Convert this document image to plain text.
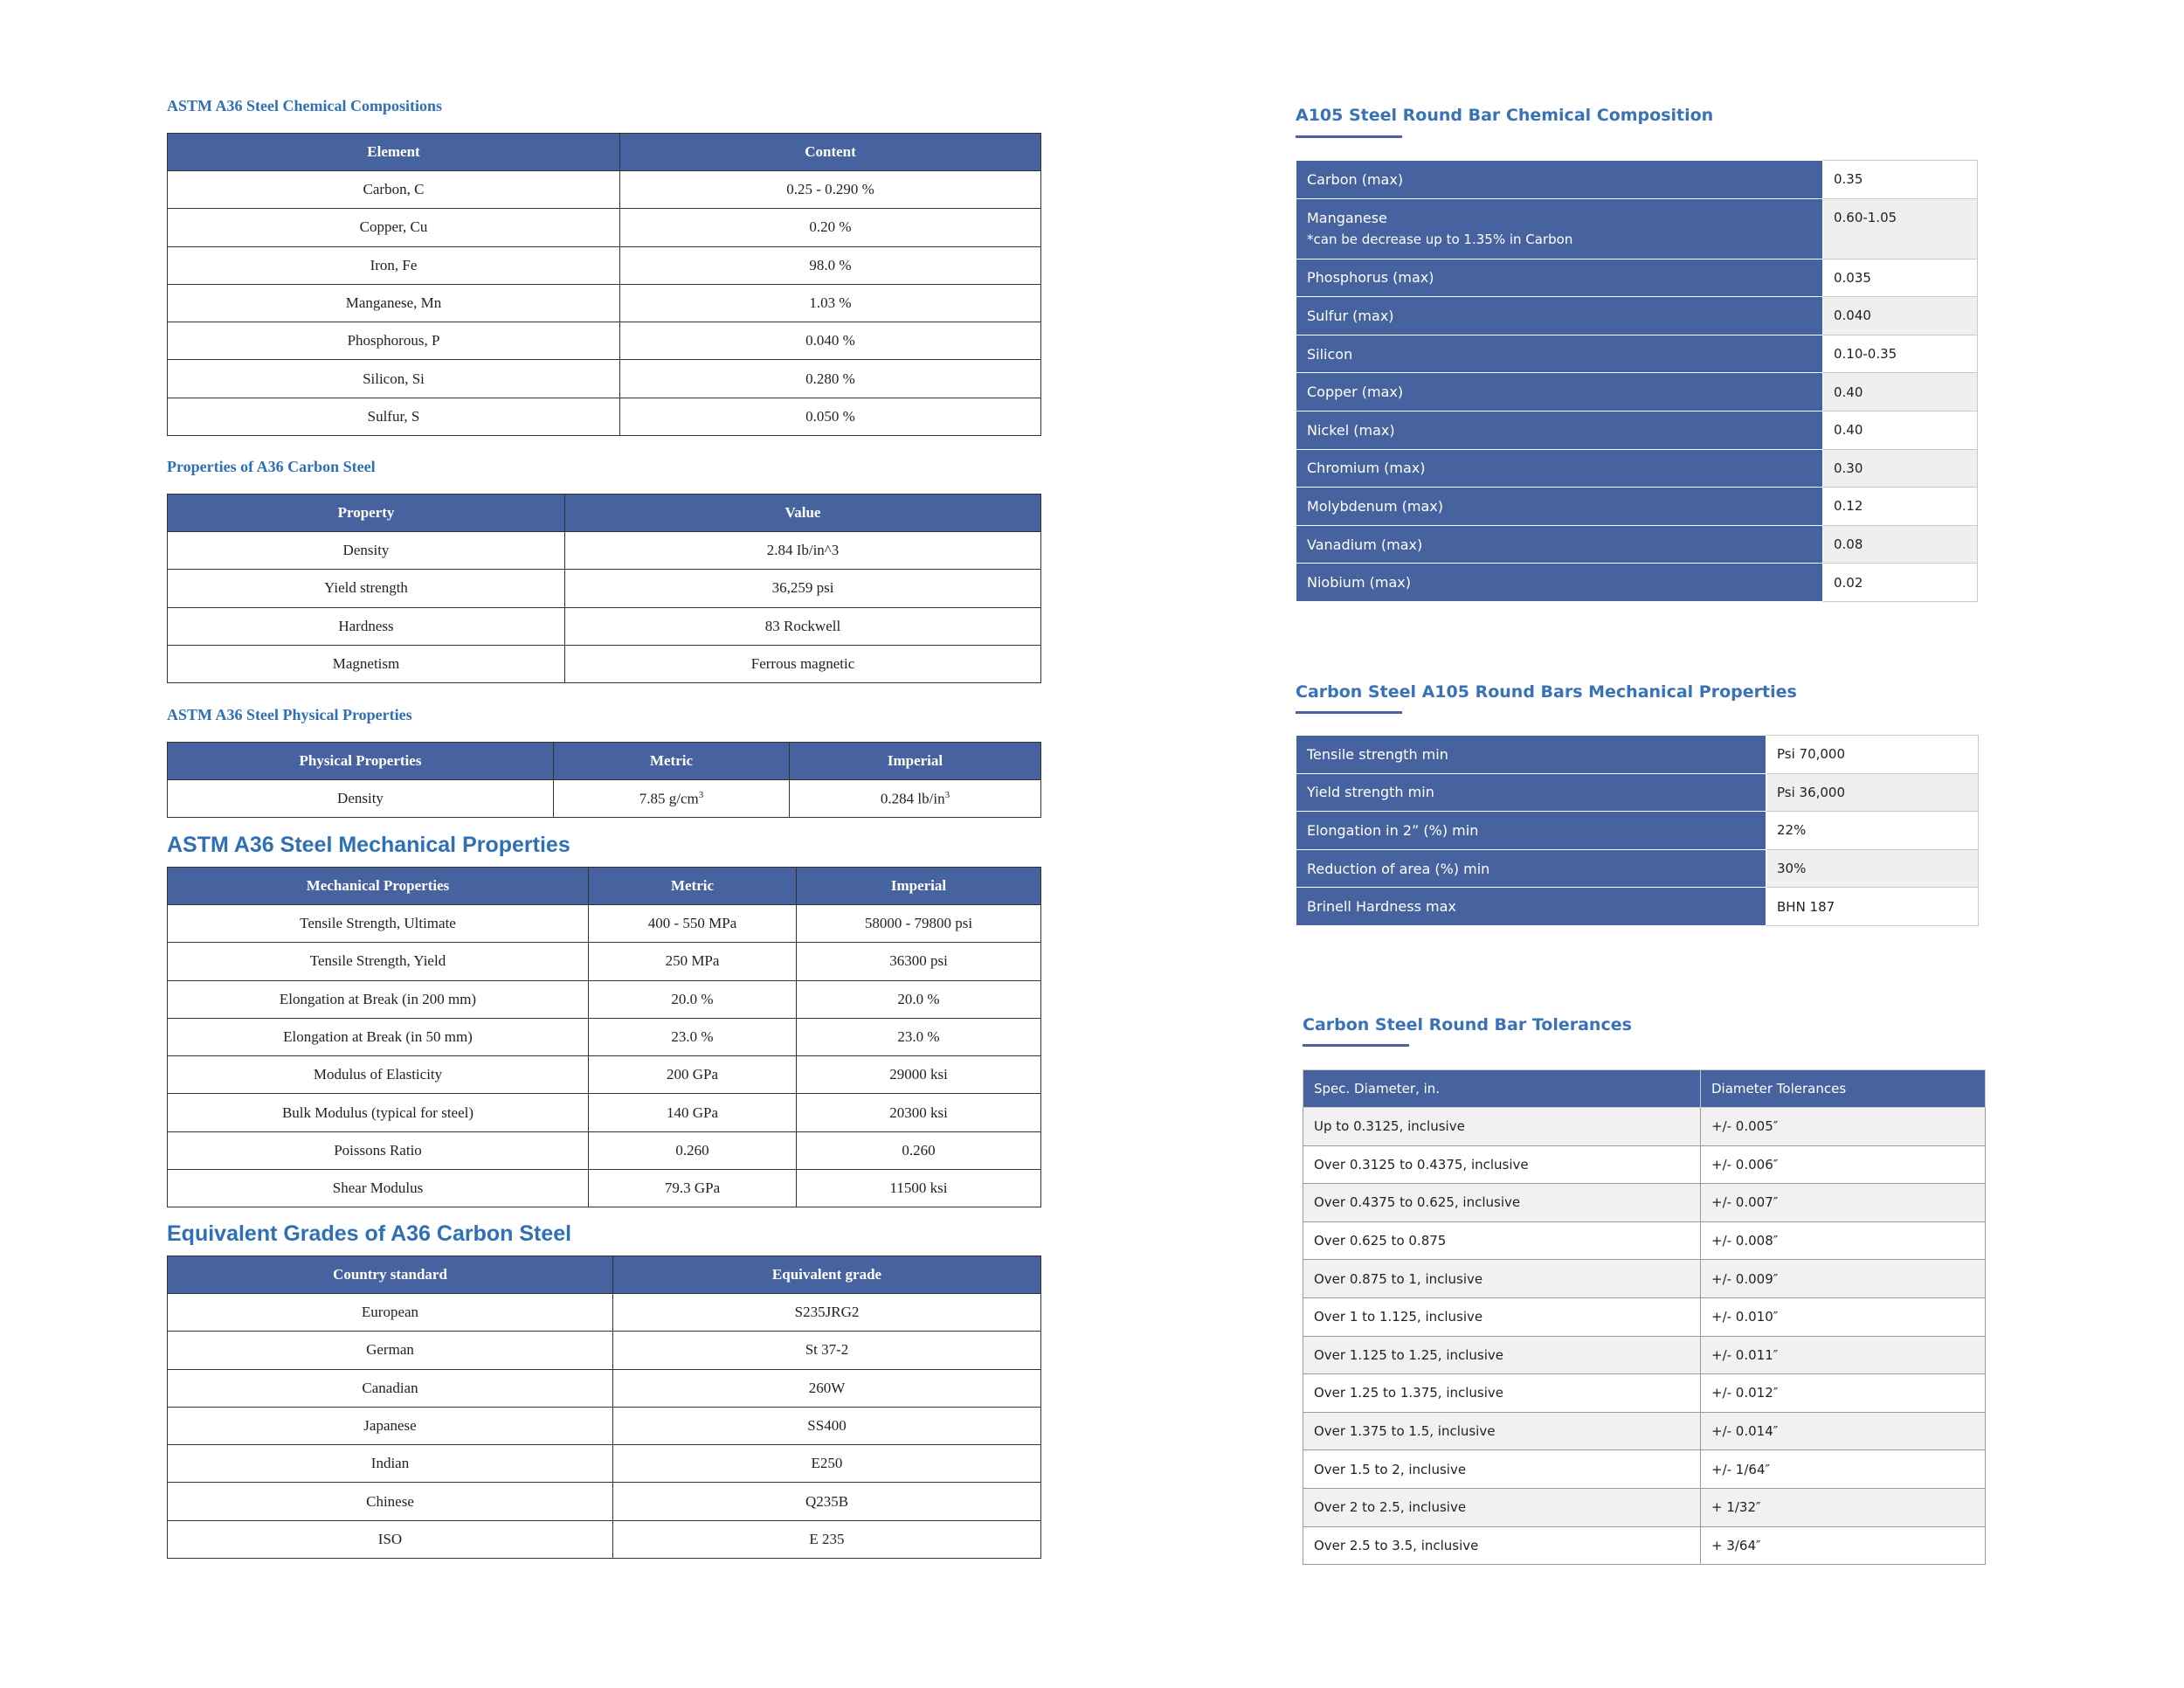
ASTM A36 Steel Chemical Compositions
Element	Content
Carbon, C	0.25 - 0.290 %
Copper, Cu	0.20 %
Iron, Fe	98.0 %
Manganese, Mn	1.03 %
Phosphorous, P	0.040 %
Silicon, Si	0.280 %
Sulfur, S	0.050 %
Properties of A36 Carbon Steel
Property	Value
Density	2.84 Ib/in^3
Yield strength	36,259 psi
Hardness	83 Rockwell
Magnetism	Ferrous magnetic
ASTM A36 Steel Physical Properties
Physical Properties	Metric	Imperial
Density	7.85 $g/cm^3$	0.284 $lb/in^3$
ASTM A36 Steel Mechanical Properties
Mechanical Properties	Metric	Imperial
Tensile Strength, Ultimate	400 - 550 MPa	58000 - 79800 psi
Tensile Strength, Yield	250 MPa	36300 psi
Elongation at Break (in 200 mm)	20.0 %	20.0 %
Elongation at Break (in 50 mm)	23.0 %	23.0 %
Modulus of Elasticity	200 GPa	29000 ksi
Bulk Modulus (typical for steel)	140 GPa	20300 ksi
Poissons Ratio	0.260	0.260
Shear Modulus	79.3 GPa	11500 ksi
Equivalent Grades of A36 Carbon Steel
Country standard	Equivalent grade
European	S235JRG2
German	St 37-2
Canadian	260W
Japanese	SS400
Indian	E250
Chinese	Q235B
ISO	E 235
A105 Steel Round Bar Chemical Composition
Carbon (max)	0.35

Manganese
*can be decrease up to 1.35% in Carbon	0.60-1.05
Phosphorus (max)	0.035
Sulfur (max)	0.040
Silicon	0.10-0.35
Copper (max)	0.40
Nickel (max)	0.40
Chromium (max)	0.30
Molybdenum (max)	0.12
Vanadium (max)	0.08
Niobium (max)	0.02
Carbon Steel A105 Round Bars Mechanical Properties
Tensile strength min	Psi 70,000
Yield strength min	Psi 36,000
Elongation in 2” (%) min	22%
Reduction of area (%) min	30%
Brinell Hardness max	BHN 187
Carbon Steel Round Bar Tolerances
Spec. Diameter, in.	Diameter Tolerances
Up to 0.3125, inclusive	+/- 0.005″
Over 0.3125 to 0.4375, inclusive	+/- 0.006″
Over 0.4375 to 0.625, inclusive	+/- 0.007″
Over 0.625 to 0.875	+/- 0.008″
Over 0.875 to 1, inclusive	+/- 0.009″
Over 1 to 1.125, inclusive	+/- 0.010″
Over 1.125 to 1.25, inclusive	+/- 0.011″
Over 1.25 to 1.375, inclusive	+/- 0.012″
Over 1.375 to 1.5, inclusive	+/- 0.014″
Over 1.5 to 2, inclusive	+/- 1/64″
Over 2 to 2.5, inclusive	+ 1/32″
Over 2.5 to 3.5, inclusive	+ 3/64″
